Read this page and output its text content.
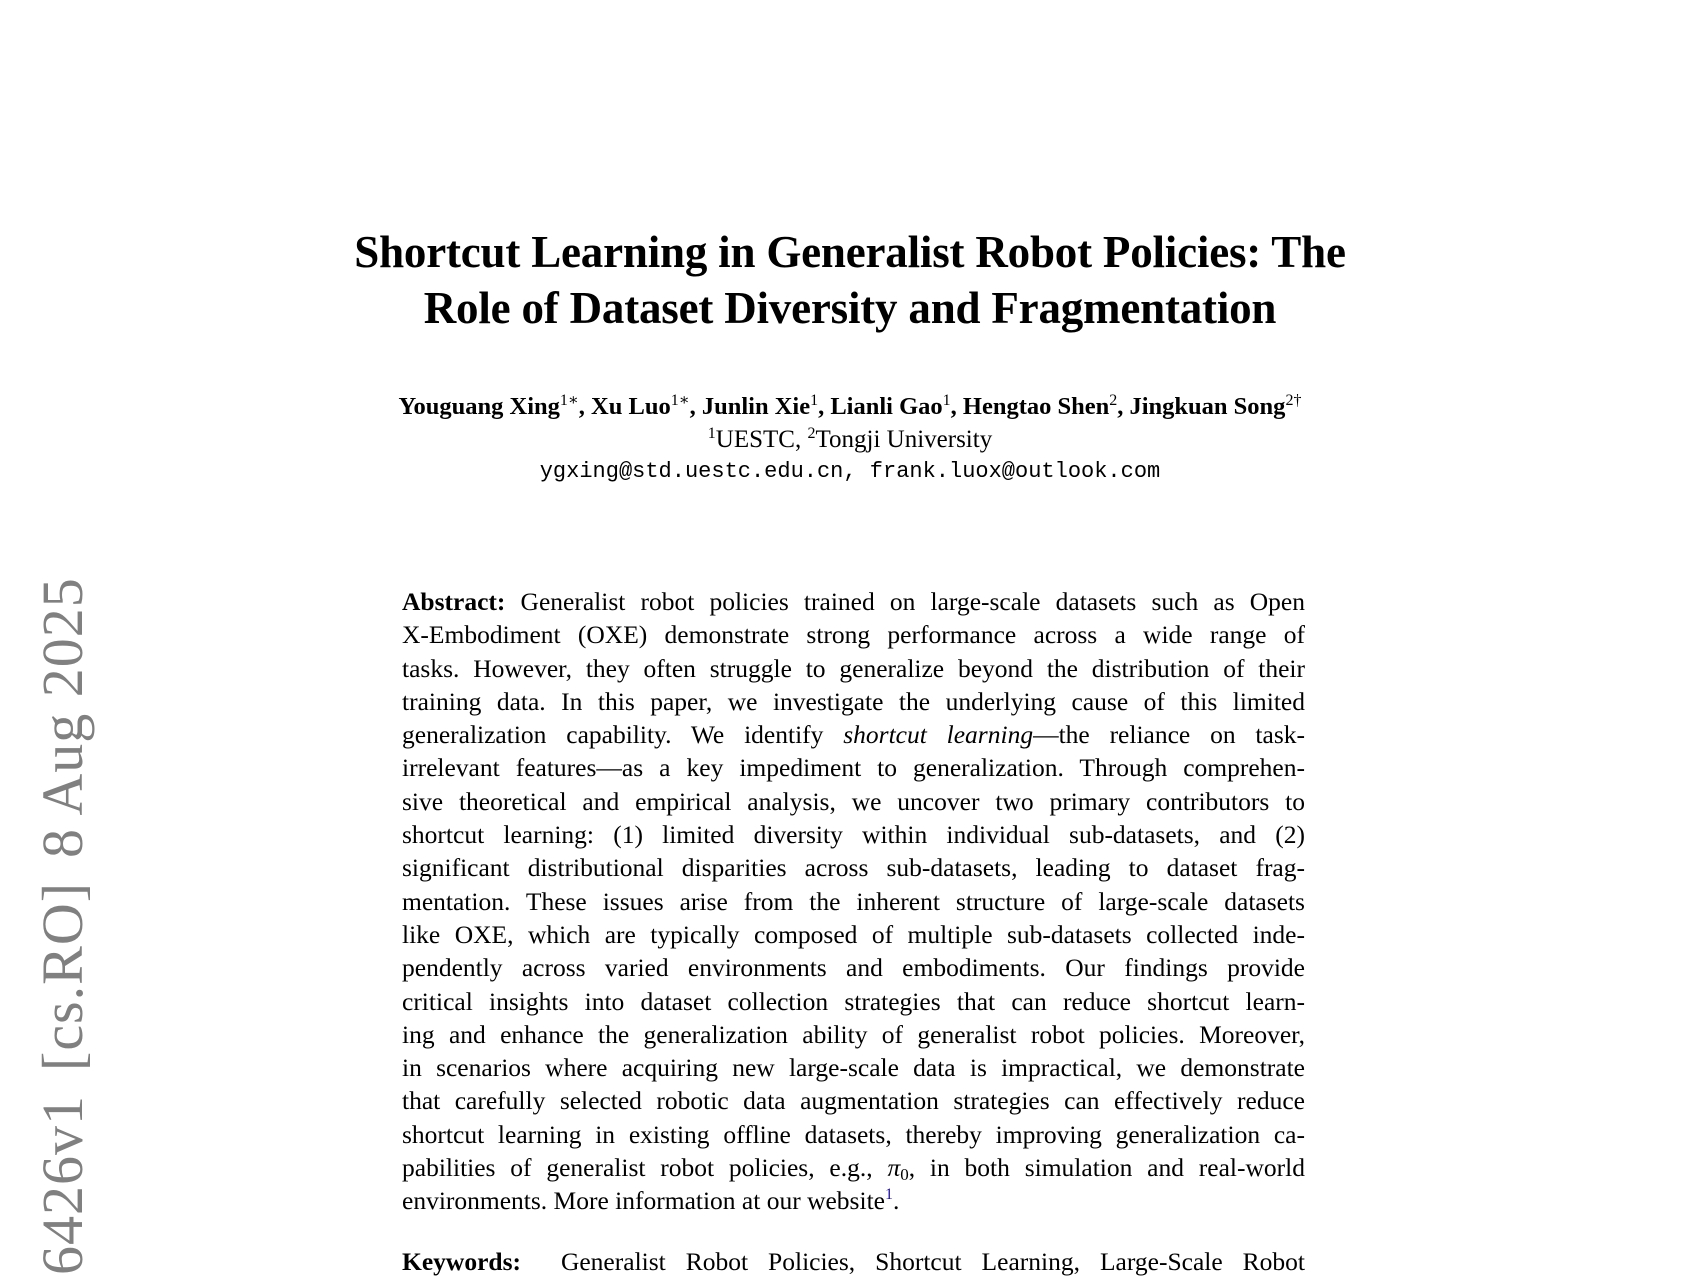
6426v1[cs.RO]8 Aug 2025
Shortcut Learning in Generalist Robot Policies: The
Role of Dataset Diversity and Fragmentation
Youguang Xing$^{1∗}$, Xu Luo$^{1∗}$, Junlin Xie$^1$, Lianli Gao$^1$, Hengtao Shen$^2$, Jingkuan Song$^{2\dagger}$
$^1$UESTC, $^2$Tongji University
ygxing@std.uestc.edu.cn, frank.luox@outlook.com
Abstract: Generalist robot policies trained on large-scale datasets such as Open
X-Embodiment (OXE) demonstrate strong performance across a wide range of
tasks. However, they often struggle to generalize beyond the distribution of their
training data. In this paper, we investigate the underlying cause of this limited
generalization capability. We identify shortcut learning—the reliance on task-
irrelevant features—as a key impediment to generalization. Through comprehen-
sive theoretical and empirical analysis, we uncover two primary contributors to
shortcut learning: (1) limited diversity within individual sub-datasets, and (2)
significant distributional disparities across sub-datasets, leading to dataset frag-
mentation. These issues arise from the inherent structure of large-scale datasets
like OXE, which are typically composed of multiple sub-datasets collected inde-
pendently across varied environments and embodiments. Our findings provide
critical insights into dataset collection strategies that can reduce shortcut learn-
ing and enhance the generalization ability of generalist robot policies. Moreover,
in scenarios where acquiring new large-scale data is impractical, we demonstrate
that carefully selected robotic data augmentation strategies can effectively reduce
shortcut learning in existing offline datasets, thereby improving generalization ca-
pabilities of generalist robot policies, e.g., $\pi_0$, in both simulation and real-world
environments. More information at our website$^1$.
Keywords: Generalist Robot Policies, Shortcut Learning, Large-Scale Robot
